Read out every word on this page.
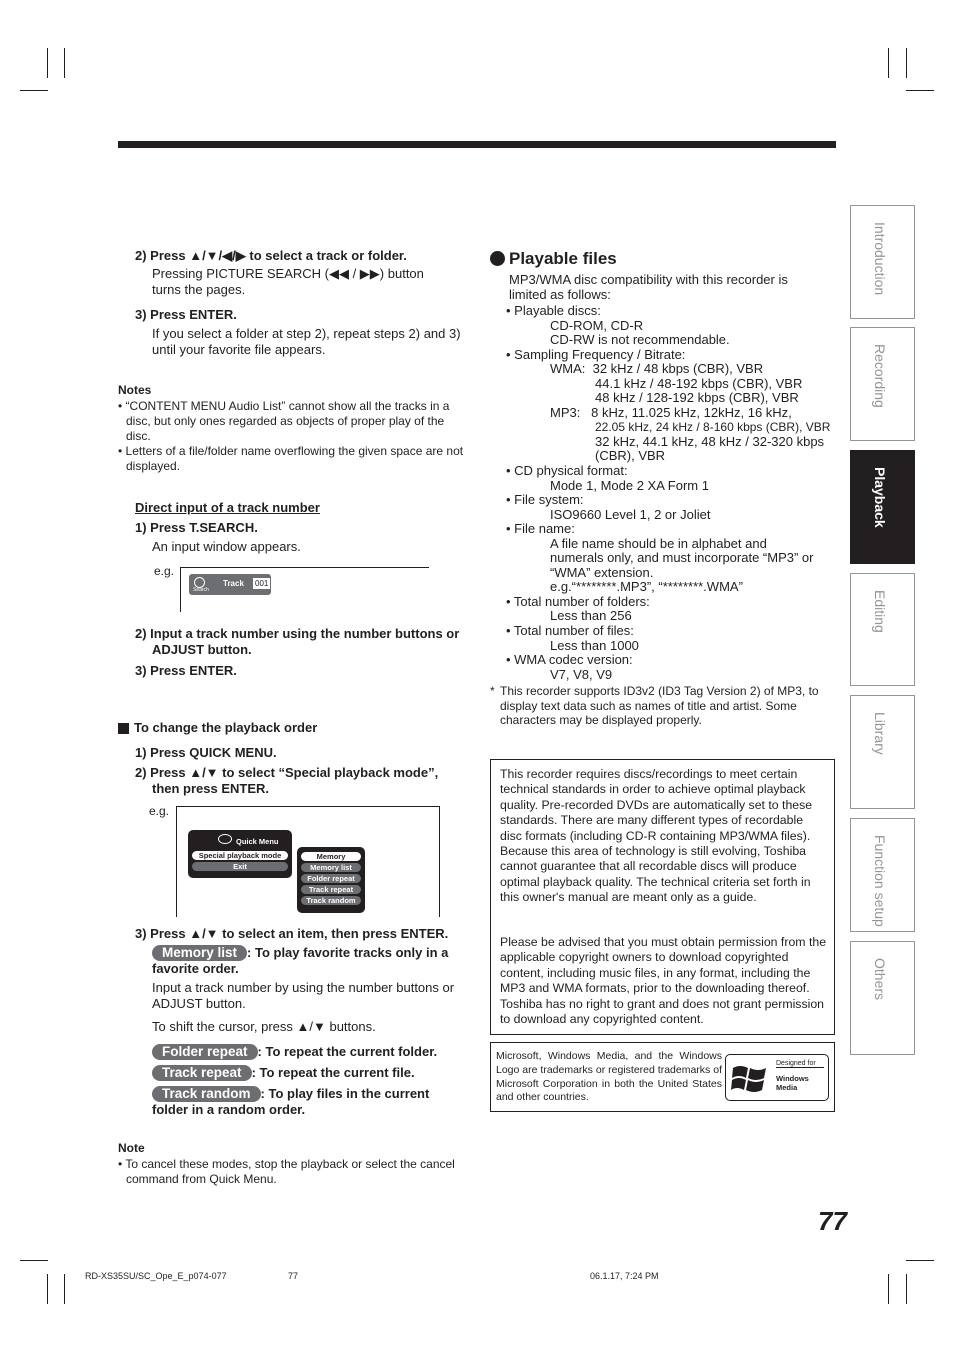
2) Press ▲/▼/◀/▶ to select a track or folder.
Pressing PICTURE SEARCH (◀◀ / ▶▶) button turns the pages.
3) Press ENTER.
If you select a folder at step 2), repeat steps 2) and 3) until your favorite file appears.
Notes
• “CONTENT MENU Audio List” cannot show all the tracks in a disc, but only ones regarded as objects of proper play of the disc.
• Letters of a file/folder name overflowing the given space are not displayed.
Direct input of a track number
1) Press T.SEARCH.
An input window appears.
e.g.
Search
Track 001
2) Input a track number using the number buttons or ADJUST button.
3) Press ENTER.
To change the playback order
1) Press QUICK MENU.
2) Press ▲/▼ to select “Special playback mode”, then press ENTER.
e.g.
Quick Menu
Special playback mode
Exit
Memory
Memory list
Folder repeat
Track repeat
Track random
3) Press ▲/▼ to select an item, then press ENTER.
Memory list : To play favorite tracks only in a favorite order.
Input a track number by using the number buttons or ADJUST button.
To shift the cursor, press ▲/▼ buttons.
Folder repeat : To repeat the current folder.
Track repeat : To repeat the current file.
Track random : To play files in the current folder in a random order.
Note
• To cancel these modes, stop the playback or select the cancel command from Quick Menu.
Playable files
MP3/WMA disc compatibility with this recorder is limited as follows:
• Playable discs:
CD-ROM, CD-R
CD-RW is not recommendable.
• Sampling Frequency / Bitrate:
WMA:  32 kHz / 48 kbps (CBR), VBR
44.1 kHz / 48-192 kbps (CBR), VBR
48 kHz / 128-192 kbps (CBR), VBR
MP3:   8 kHz, 11.025 kHz, 12kHz, 16 kHz,
22.05 kHz, 24 kHz / 8-160 kbps (CBR), VBR
32 kHz, 44.1 kHz, 48 kHz / 32-320 kbps
(CBR), VBR
• CD physical format:
Mode 1, Mode 2 XA Form 1
• File system:
ISO9660 Level 1, 2 or Joliet
• File name:
A file name should be in alphabet and
numerals only, and must incorporate “MP3” or
“WMA” extension.
e.g.“********.MP3”, “********.WMA”
• Total number of folders:
Less than 256
• Total number of files:
Less than 1000
• WMA codec version:
V7, V8, V9
* This recorder supports ID3v2 (ID3 Tag Version 2) of MP3, to display text data such as names of title and artist. Some characters may be displayed properly.
This recorder requires discs/recordings to meet certain technical standards in order to achieve optimal playback quality. Pre-recorded DVDs are automatically set to these standards. There are many different types of recordable disc formats (including CD-R containing MP3/WMA files). Because this area of technology is still evolving, Toshiba cannot guarantee that all recordable discs will produce optimal playback quality. The technical criteria set forth in this owner's manual are meant only as a guide.
Please be advised that you must obtain permission from the applicable copyright owners to download copyrighted content, including music files, in any format, including the MP3 and WMA formats, prior to the downloading thereof. Toshiba has no right to grant and does not grant permission to download any copyrighted content.
Microsoft, Windows Media, and the Windows Logo are trademarks or registered trademarks of Microsoft Corporation in both the United States and other countries.
Designed for
Windows
Media
Introduction
Recording
Playback
Editing
Library
Function setup
Others
77
RD-XS35SU/SC_Ope_E_p074-077	77	06.1.17, 7:24 PM
